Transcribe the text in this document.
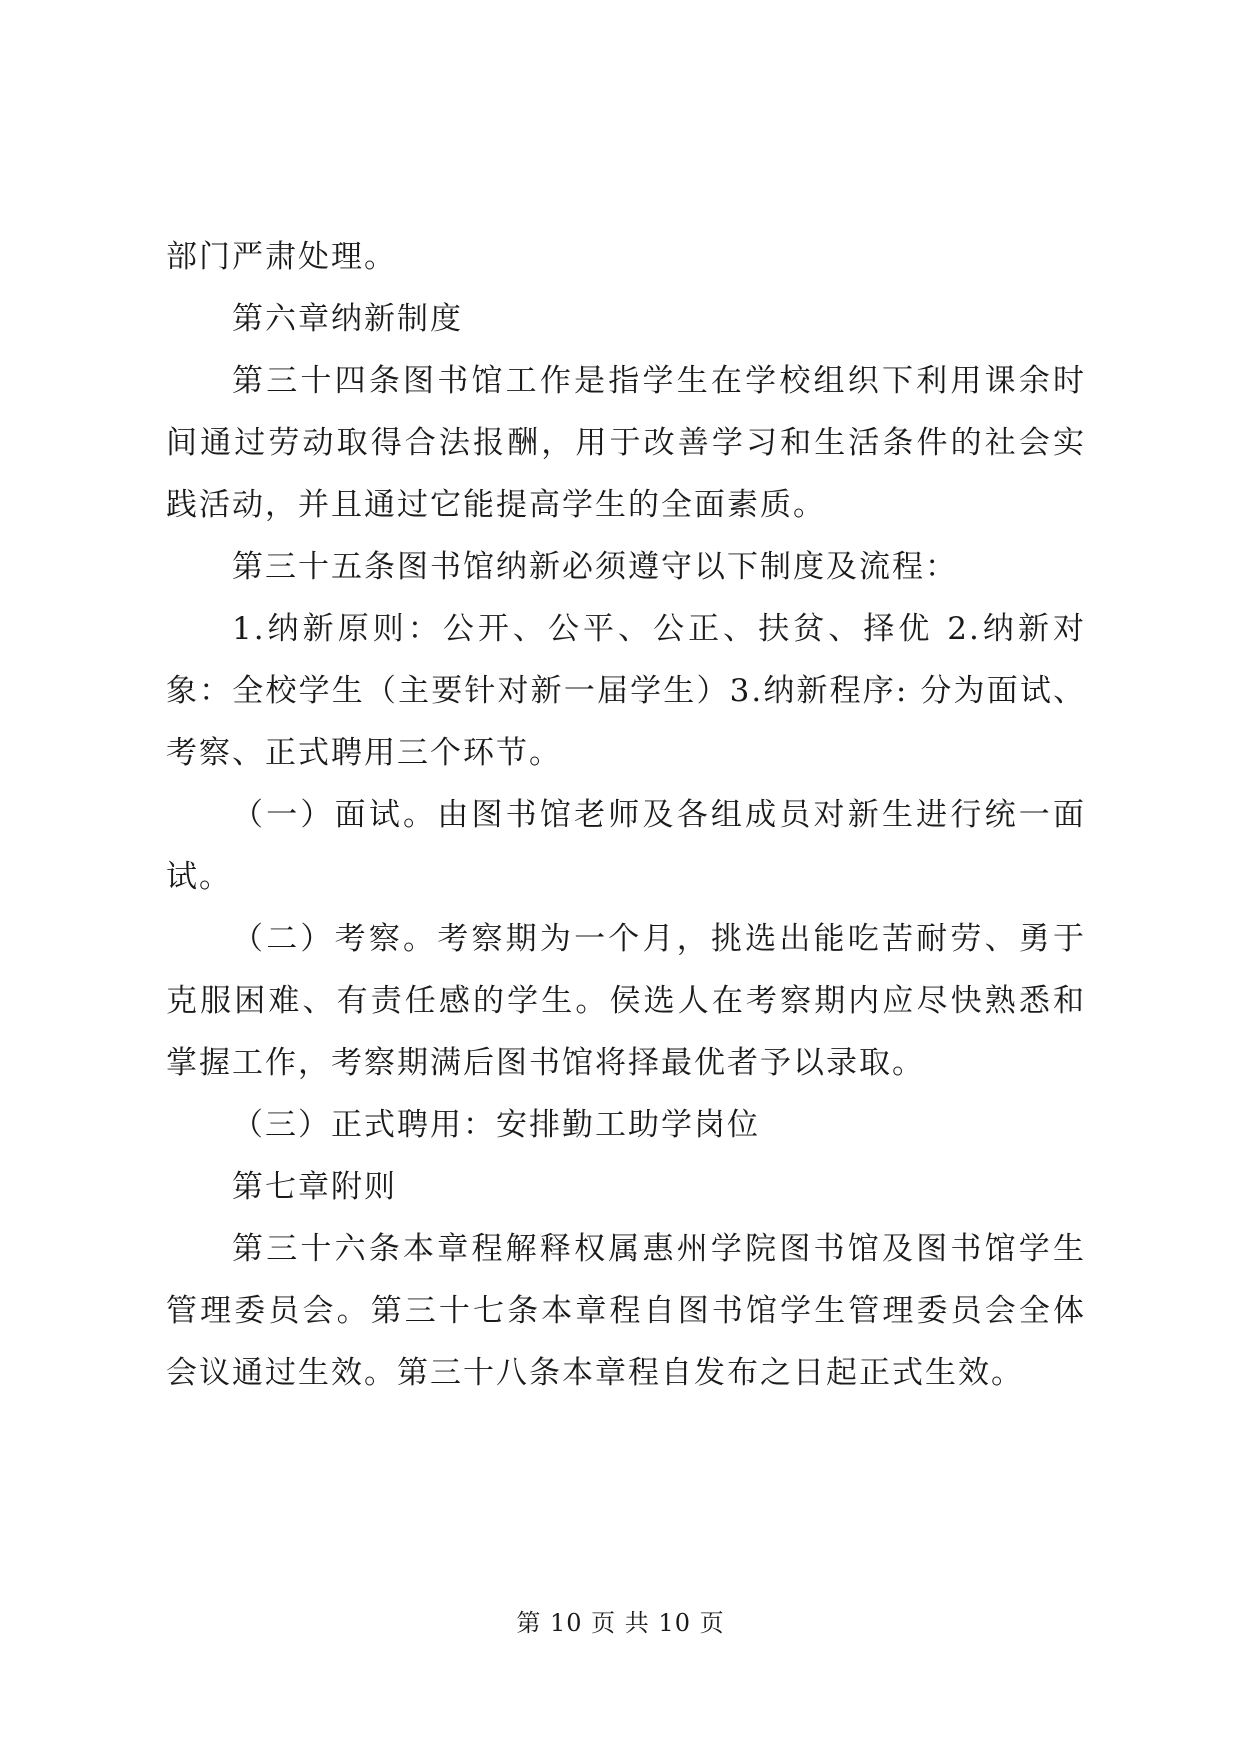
部门严肃处理。

第六章纳新制度

第三十四条图书馆工作是指学生在学校组织下利用课余时间通过劳动取得合法报酬，用于改善学习和生活条件的社会实践活动，并且通过它能提高学生的全面素质。

第三十五条图书馆纳新必须遵守以下制度及流程：

1.纳新原则：公开、公平、公正、扶贫、择优 2.纳新对象：全校学生（主要针对新一届学生）3.纳新程序: 分为面试、考察、正式聘用三个环节。

（一）面试。由图书馆老师及各组成员对新生进行统一面试。

（二）考察。考察期为一个月，挑选出能吃苦耐劳、勇于克服困难、有责任感的学生。侯选人在考察期内应尽快熟悉和掌握工作，考察期满后图书馆将择最优者予以录取。

（三）正式聘用：安排勤工助学岗位

第七章附则

第三十六条本章程解释权属惠州学院图书馆及图书馆学生管理委员会。第三十七条本章程自图书馆学生管理委员会全体会议通过生效。第三十八条本章程自发布之日起正式生效。

第 10 页 共 10 页
